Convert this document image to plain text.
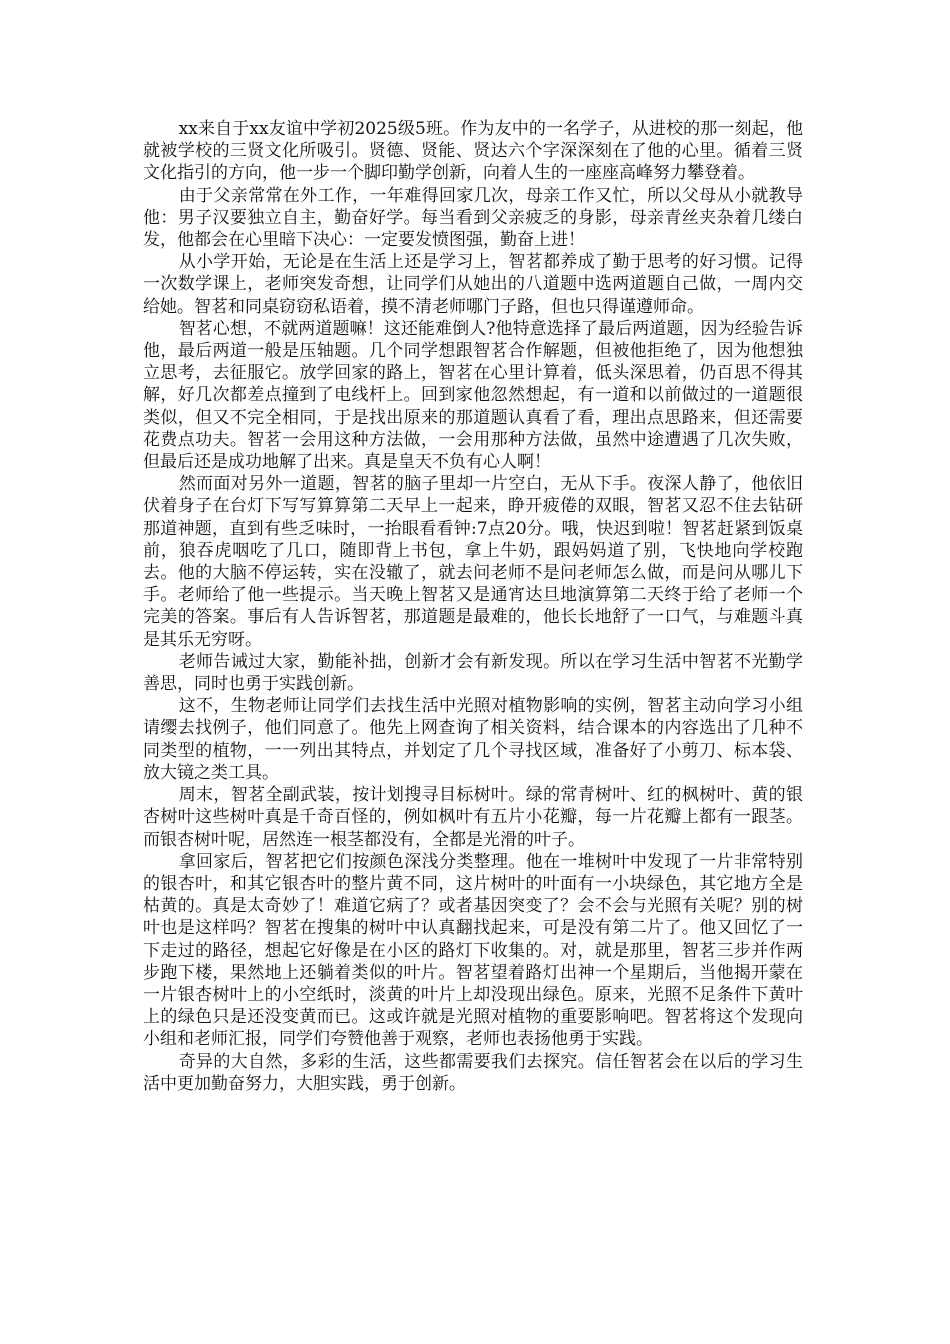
xx来自于xx友谊中学初2025级5班。作为友中的一名学子，从进校的那一刻起，他就被学校的三贤文化所吸引。贤德、贤能、贤达六个字深深刻在了他的心里。循着三贤文化指引的方向，他一步一个脚印勤学创新，向着人生的一座座高峰努力攀登着。

由于父亲常常在外工作，一年难得回家几次，母亲工作又忙，所以父母从小就教导他：男子汉要独立自主，勤奋好学。每当看到父亲疲乏的身影，母亲青丝夹杂着几缕白发，他都会在心里暗下决心：一定要发愤图强，勤奋上进！

从小学开始，无论是在生活上还是学习上，智茗都养成了勤于思考的好习惯。记得一次数学课上，老师突发奇想，让同学们从她出的八道题中选两道题自己做，一周内交给她。智茗和同桌窃窃私语着，摸不清老师哪门子路，但也只得谨遵师命。

智茗心想，不就两道题嘛！这还能难倒人?他特意选择了最后两道题，因为经验告诉他，最后两道一般是压轴题。几个同学想跟智茗合作解题，但被他拒绝了，因为他想独立思考，去征服它。放学回家的路上，智茗在心里计算着，低头深思着，仍百思不得其解，好几次都差点撞到了电线杆上。回到家他忽然想起，有一道和以前做过的一道题很类似，但又不完全相同，于是找出原来的那道题认真看了看，理出点思路来，但还需要花费点功夫。智茗一会用这种方法做，一会用那种方法做，虽然中途遭遇了几次失败，但最后还是成功地解了出来。真是皇天不负有心人啊！

然而面对另外一道题，智茗的脑子里却一片空白，无从下手。夜深人静了，他依旧伏着身子在台灯下写写算算第二天早上一起来，睁开疲倦的双眼，智茗又忍不住去钻研那道神题，直到有些乏味时，一抬眼看看钟:7点20分。哦，快迟到啦！智茗赶紧到饭桌前，狼吞虎咽吃了几口，随即背上书包，拿上牛奶，跟妈妈道了别，飞快地向学校跑去。他的大脑不停运转，实在没辙了，就去问老师不是问老师怎么做，而是问从哪儿下手。老师给了他一些提示。当天晚上智茗又是通宵达旦地演算第二天终于给了老师一个完美的答案。事后有人告诉智茗，那道题是最难的，他长长地舒了一口气，与难题斗真是其乐无穷呀。

老师告诫过大家，勤能补拙，创新才会有新发现。所以在学习生活中智茗不光勤学善思，同时也勇于实践创新。

这不，生物老师让同学们去找生活中光照对植物影响的实例，智茗主动向学习小组请缨去找例子，他们同意了。他先上网查询了相关资料，结合课本的内容选出了几种不同类型的植物，一一列出其特点，并划定了几个寻找区域，准备好了小剪刀、标本袋、放大镜之类工具。

周末，智茗全副武装，按计划搜寻目标树叶。绿的常青树叶、红的枫树叶、黄的银杏树叶这些树叶真是千奇百怪的，例如枫叶有五片小花瓣，每一片花瓣上都有一跟茎。而银杏树叶呢，居然连一根茎都没有，全都是光滑的叶子。

拿回家后，智茗把它们按颜色深浅分类整理。他在一堆树叶中发现了一片非常特别的银杏叶，和其它银杏叶的整片黄不同，这片树叶的叶面有一小块绿色，其它地方全是枯黄的。真是太奇妙了！难道它病了？或者基因突变了？会不会与光照有关呢？别的树叶也是这样吗？智茗在搜集的树叶中认真翻找起来，可是没有第二片了。他又回忆了一下走过的路径，想起它好像是在小区的路灯下收集的。对，就是那里，智茗三步并作两步跑下楼，果然地上还躺着类似的叶片。智茗望着路灯出神一个星期后，当他揭开蒙在一片银杏树叶上的小空纸时，淡黄的叶片上却没现出绿色。原来，光照不足条件下黄叶上的绿色只是还没变黄而已。这或许就是光照对植物的重要影响吧。智茗将这个发现向小组和老师汇报，同学们夸赞他善于观察，老师也表扬他勇于实践。

奇异的大自然，多彩的生活，这些都需要我们去探究。信任智茗会在以后的学习生活中更加勤奋努力，大胆实践，勇于创新。
